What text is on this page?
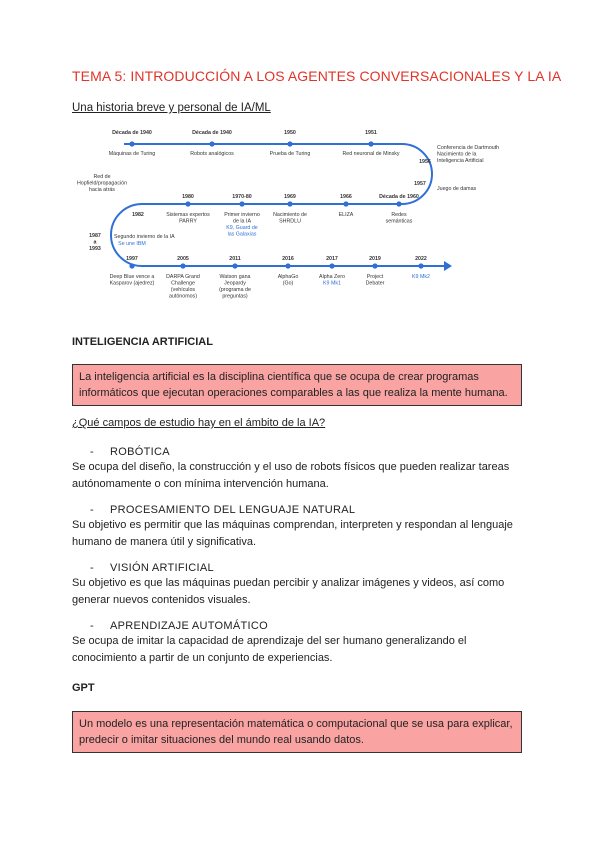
TEMA 5: INTRODUCCIÓN A LOS AGENTES CONVERSACIONALES Y LA IA
Una historia breve y personal de IA/ML
Década de 1940
Máquinas de Turing
Década de 1940
Robots analógicos
1950
Prueba de Turing
1951
Red neuronal de Minsky
1956
Conferencia de Dartmouth
Nacimiento de la
Inteligencia Artificial
1957
Juego de damas
Red de
Hopfield/propagación
hacia atrás
1982
1980
Sistemas expertos
PARRY
1970-80
Primer invierno
de la IA
K9, Guard de
las Galaxias
1969
Nacimiento de
SHRDLU
1966
ELIZA
Década de 1960
Redes
semánticas
1987
a
1993
Segundo invierno de la IA
Se une IBM
1997
Deep Blue vence a
Kasparov (ajedrez)
2005
DARPA Grand
Challenge
(vehículos
autónomos)
2011
Watson gana
Jeopardy
(programa de
preguntas)
2016
AlphaGo
(Go)
2017
Alpha Zero
K9 Mk1
2019
Project
Debater
2022
K9 Mk2
INTELIGENCIA ARTIFICIAL
La inteligencia artificial es la disciplina científica que se ocupa de crear programas informáticos que ejecutan operaciones comparables a las que realiza la mente humana.
¿Qué campos de estudio hay en el ámbito de la IA?
- ROBÓTICA
Se ocupa del diseño, la construcción y el uso de robots físicos que pueden realizar tareas autónomamente o con mínima intervención humana.
- PROCESAMIENTO DEL LENGUAJE NATURAL
Su objetivo es permitir que las máquinas comprendan, interpreten y respondan al lenguaje humano de manera útil y significativa.
- VISIÓN ARTIFICIAL
Su objetivo es que las máquinas puedan percibir y analizar imágenes y videos, así como generar nuevos contenidos visuales.
- APRENDIZAJE AUTOMÁTICO
Se ocupa de imitar la capacidad de aprendizaje del ser humano generalizando el conocimiento a partir de un conjunto de experiencias.
GPT
Un modelo es una representación matemática o computacional que se usa para explicar, predecir o imitar situaciones del mundo real usando datos.
